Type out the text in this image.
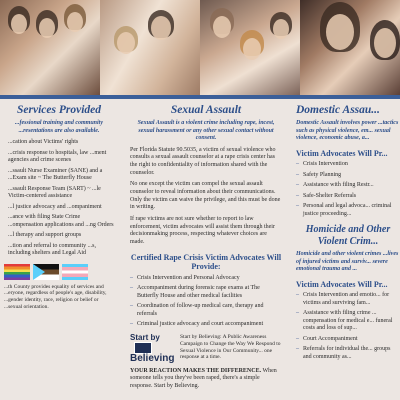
Services Provided
...fessional training and community ...resentations are also available.
...cation about Victims' rights
...crisis response to hospitals, law ...ment agencies and crime scenes
...ssault Nurse Examiner (SANE) and a ...Exam site ~ The Butterfly House
...ssault Response Team (SART) ~ ...le Victim-centered assistance
...l justice advocacy and ...ompaniment
...ance with filing State Crime ...ompensation applications and ...ng Orders
...l therapy and support groups
...tion and referral to community ...s, including shelters and Legal Aid

...th County provides equality of services and ...eryone, regardless of people's age, disability, ...gender identity, race, religion or belief or ...sexual orientation.

Sexual Assault
Sexual Assault is a violent crime including rape, incest, sexual harassment or any other sexual contact without consent.

Per Florida Statute 90.5035, a victim of sexual violence who consults a sexual assault counselor at a rape crisis center has the right to confidentiality of information shared with the counselor.

No one except the victim can compel the sexual assault counselor to reveal information about their communications. Only the victim can waive the privilege, and this must be done in writing.

If rape victims are not sure whether to report to law enforcement, victim advocates will assist them through their decisionmaking process, respecting whatever choices are made.

Certified Rape Crisis Victim Advocates Will Provide:
– Crisis Intervention and Personal Advocacy
– Accompaniment during forensic rape exams at The Butterfly House and other medical facilities
– Coordination of follow-up medical care, therapy and referrals
– Criminal justice advocacy and court accompaniment
Start by
Believing
Start by Believing: A Public Awareness Campaign to Change the Way We Respond to Sexual Violence in Our Community... one response at a time.
YOUR REACTION MAKES THE DIFFERENCE. When someone tells you they've been raped, there's a simple response. Start by Believing.
Domestic Assau...
Domestic Assault involves power ...tactics such as physical violence, em... sexual violence, economic abuse, a...
Victim Advocates Will Pr...
– Crisis Intervention
– Safety Planning
– Assistance with filing Restr...
– Safe-Shelter Referrals
– Personal and legal advoca... criminal justice proceeding...
Homicide and Other Violent Crim...
Homicide and other violent crimes ...lives of injured victims and surviv... severe emotional trauma and ...
Victim Advocates Will Pr...
– Crisis Intervention and emotio... for victims and surviving fam...
– Assistance with filing crime ... compensation for medical e... funeral costs and loss of sup...
– Court Accompaniment
– Referrals for individual the... groups and community as...
